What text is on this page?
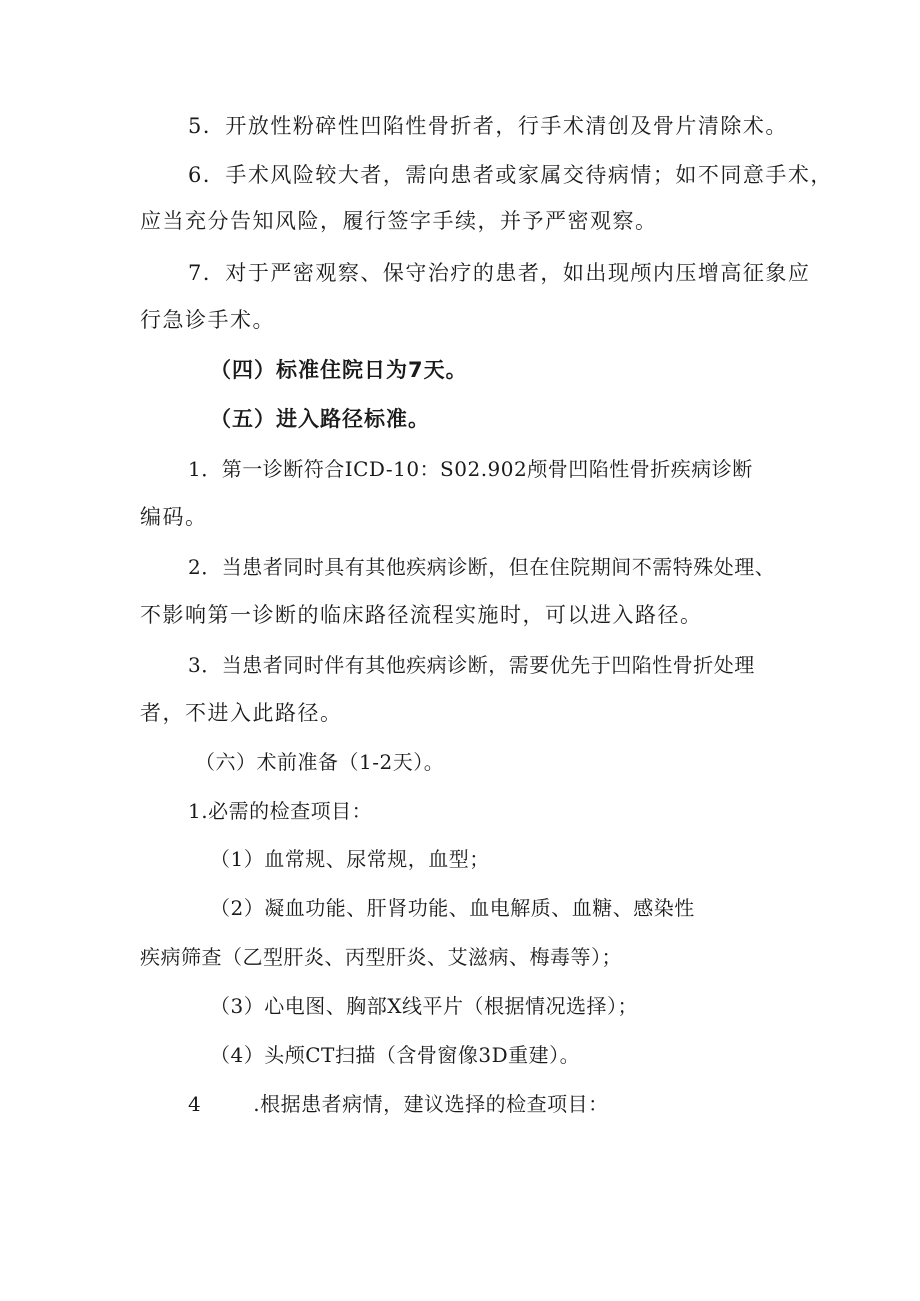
5．开放性粉碎性凹陷性骨折者，行手术清创及骨片清除术。
6．手术风险较大者，需向患者或家属交待病情；如不同意手术，
应当充分告知风险，履行签字手续，并予严密观察。
7．对于严密观察、保守治疗的患者，如出现颅内压增高征象应
行急诊手术。
（四）标准住院日为7天。
（五）进入路径标准。
1．第一诊断符合ICD-10：S02.902颅骨凹陷性骨折疾病诊断
编码。
2．当患者同时具有其他疾病诊断，但在住院期间不需特殊处理、
不影响第一诊断的临床路径流程实施时，可以进入路径。
3．当患者同时伴有其他疾病诊断，需要优先于凹陷性骨折处理
者，不进入此路径。
（六）术前准备（1-2天）。
1.必需的检查项目：
（1）血常规、尿常规，血型；
（2）凝血功能、肝肾功能、血电解质、血糖、感染性
疾病筛查（乙型肝炎、丙型肝炎、艾滋病、梅毒等）；
（3）心电图、胸部X线平片（根据情况选择）；
（4）头颅CT扫描（含骨窗像3D重建）。
4	.根据患者病情，建议选择的检查项目：
